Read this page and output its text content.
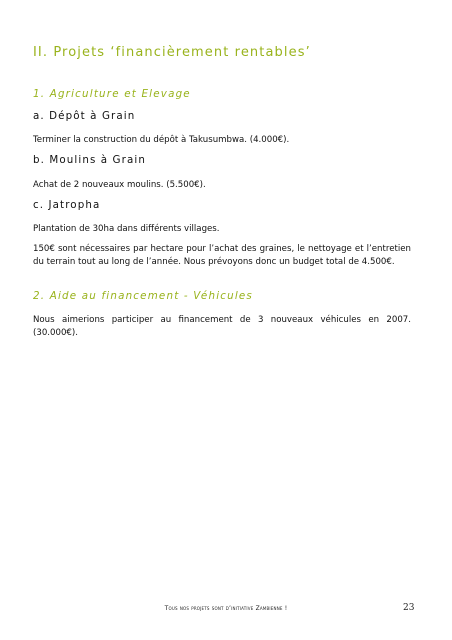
II. Projets ‘financièrement rentables’
1. Agriculture et Elevage
a. Dépôt à Grain
Terminer la construction du dépôt à Takusumbwa. (4.000€).
b. Moulins à Grain
Achat de 2 nouveaux moulins. (5.500€).
c. Jatropha
Plantation de 30ha dans différents villages.
150€ sont nécessaires par hectare pour l’achat des graines, le nettoyage et l’entretien du terrain tout au long de l’année. Nous prévoyons donc un budget total de 4.500€.
2. Aide au financement - Véhicules
Nous aimerions participer au financement de 3 nouveaux véhicules en 2007. (30.000€).
Tous nos projets sont d’initiative Zambienne !	23
